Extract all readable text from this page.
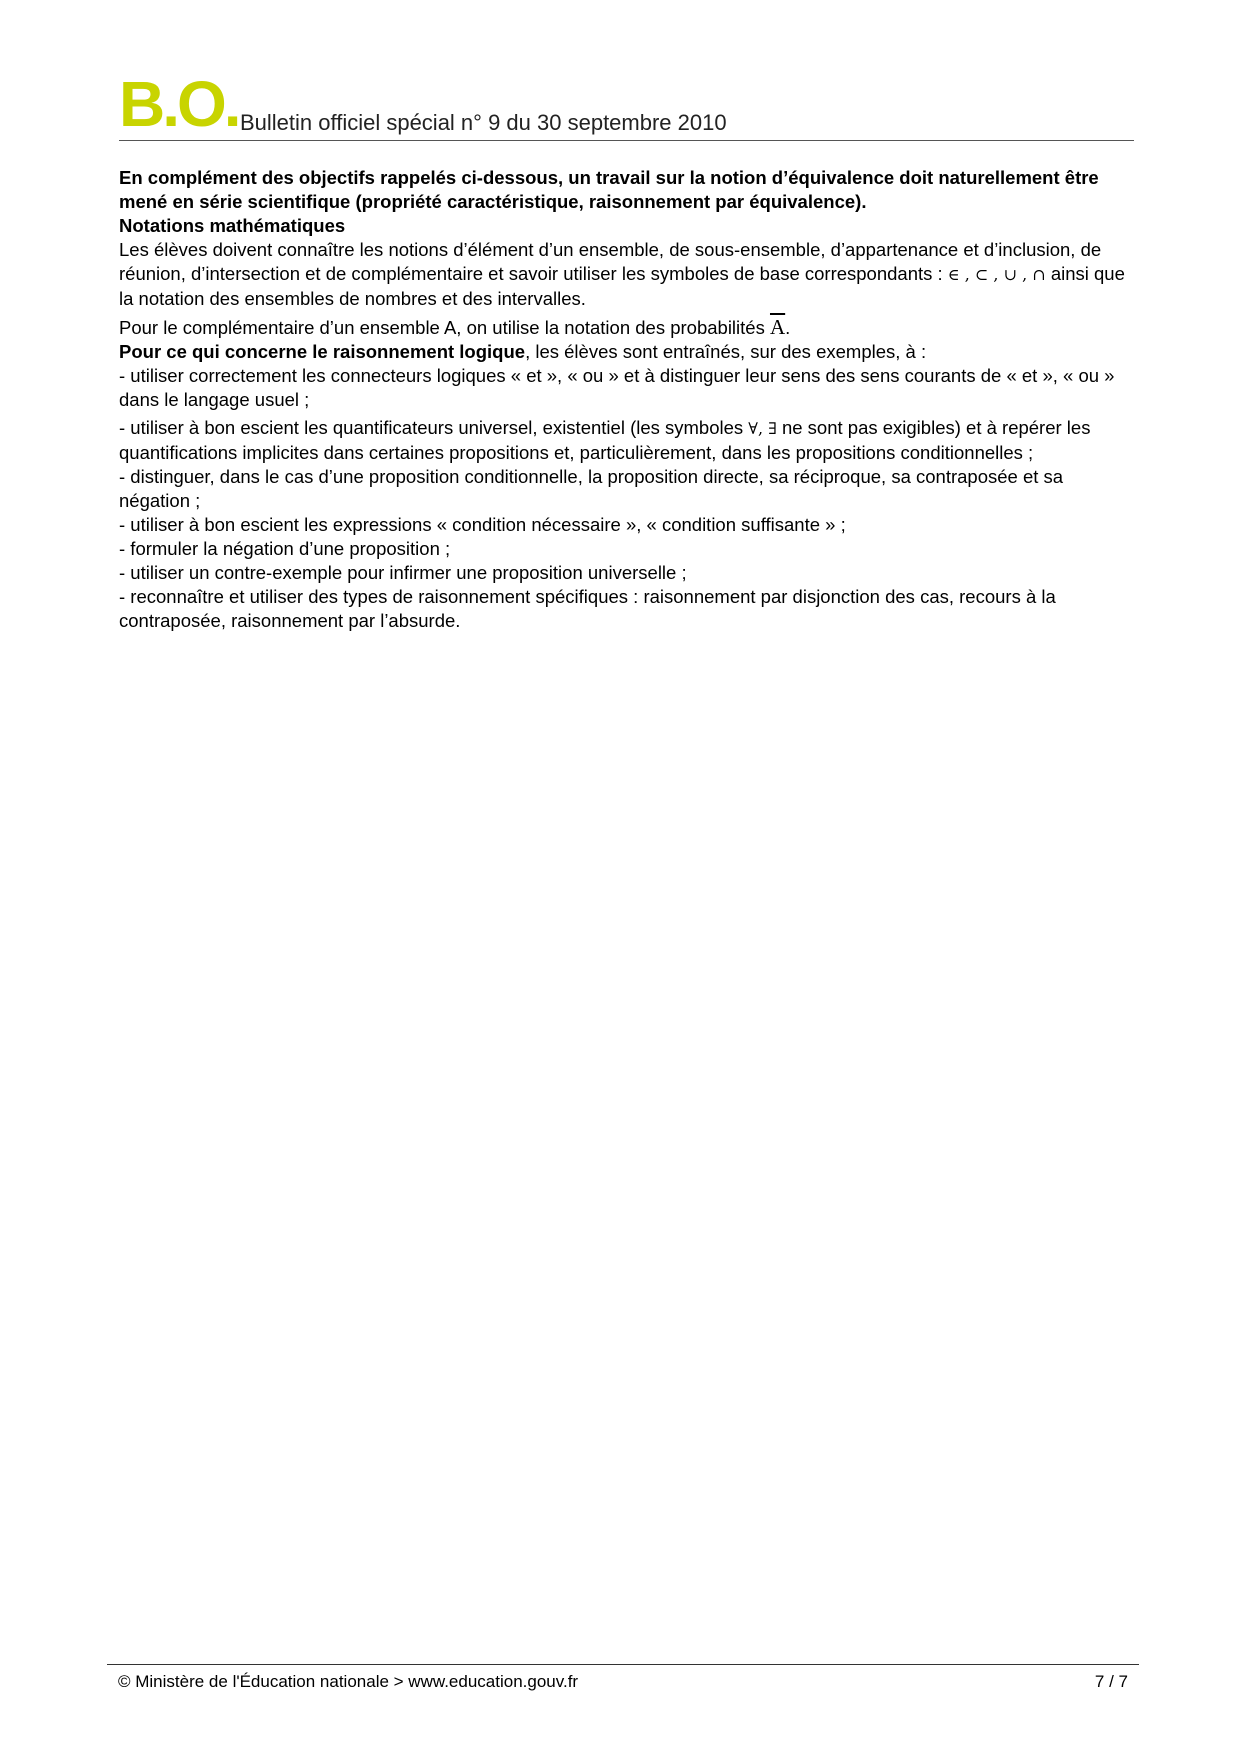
B.O. Bulletin officiel spécial n° 9 du 30 septembre 2010

En complément des objectifs rappelés ci-dessous, un travail sur la notion d’équivalence doit naturellement être mené en série scientifique (propriété caractéristique, raisonnement par équivalence).

Notations mathématiques

Les élèves doivent connaître les notions d’élément d’un ensemble, de sous-ensemble, d’appartenance et d’inclusion, de réunion, d’intersection et de complémentaire et savoir utiliser les symboles de base correspondants : ∈ , ⊂ , ∪ , ∩ ainsi que la notation des ensembles de nombres et des intervalles.

Pour le complémentaire d’un ensemble A, on utilise la notation des probabilités $\overline{A}$.

Pour ce qui concerne le raisonnement logique, les élèves sont entraînés, sur des exemples, à :

- utiliser correctement les connecteurs logiques « et », « ou » et à distinguer leur sens des sens courants de « et », « ou » dans le langage usuel ;

- utiliser à bon escient les quantificateurs universel, existentiel (les symboles ∀, ∃ ne sont pas exigibles) et à repérer les quantifications implicites dans certaines propositions et, particulièrement, dans les propositions conditionnelles ;

- distinguer, dans le cas d’une proposition conditionnelle, la proposition directe, sa réciproque, sa contraposée et sa négation ;

- utiliser à bon escient les expressions « condition nécessaire », « condition suffisante » ;

- formuler la négation d’une proposition ;

- utiliser un contre-exemple pour infirmer une proposition universelle ;

- reconnaître et utiliser des types de raisonnement spécifiques : raisonnement par disjonction des cas, recours à la contraposée, raisonnement par l’absurde.

© Ministère de l'Éducation nationale > www.education.gouv.fr	7 / 7
